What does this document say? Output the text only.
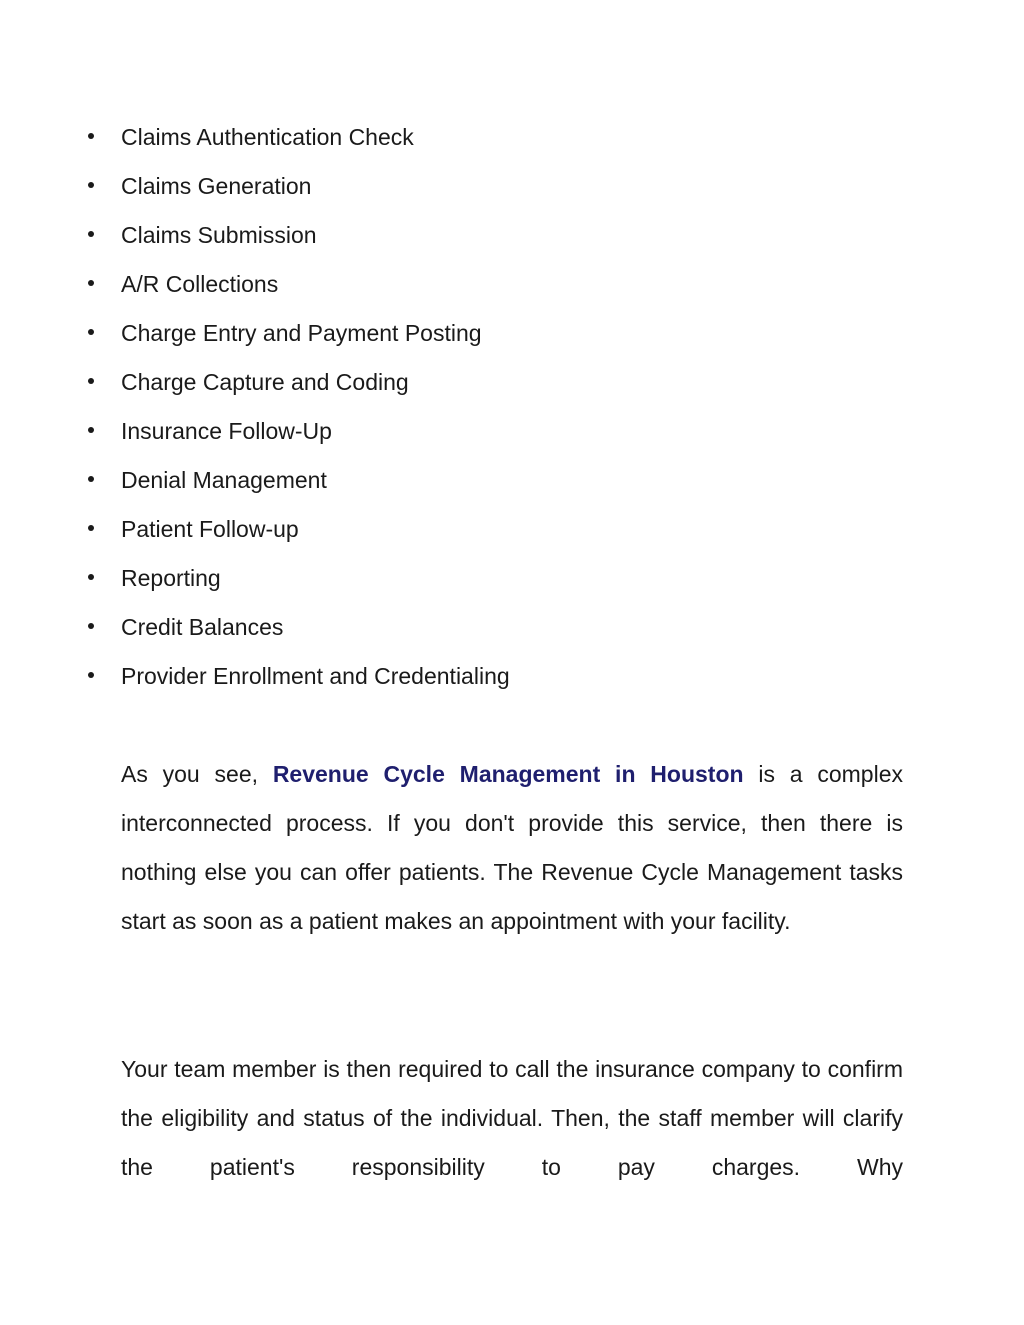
Claims Authentication Check
Claims Generation
Claims Submission
A/R Collections
Charge Entry and Payment Posting
Charge Capture and Coding
Insurance Follow-Up
Denial Management
Patient Follow-up
Reporting
Credit Balances
Provider Enrollment and Credentialing

As you see, Revenue Cycle Management in Houston is a complex interconnected process. If you don't provide this service, then there is nothing else you can offer patients. The Revenue Cycle Management tasks start as soon as a patient makes an appointment with your facility.

Your team member is then required to call the insurance company to confirm the eligibility and status of the individual. Then, the staff member will clarify the patient's responsibility to pay charges. Why
